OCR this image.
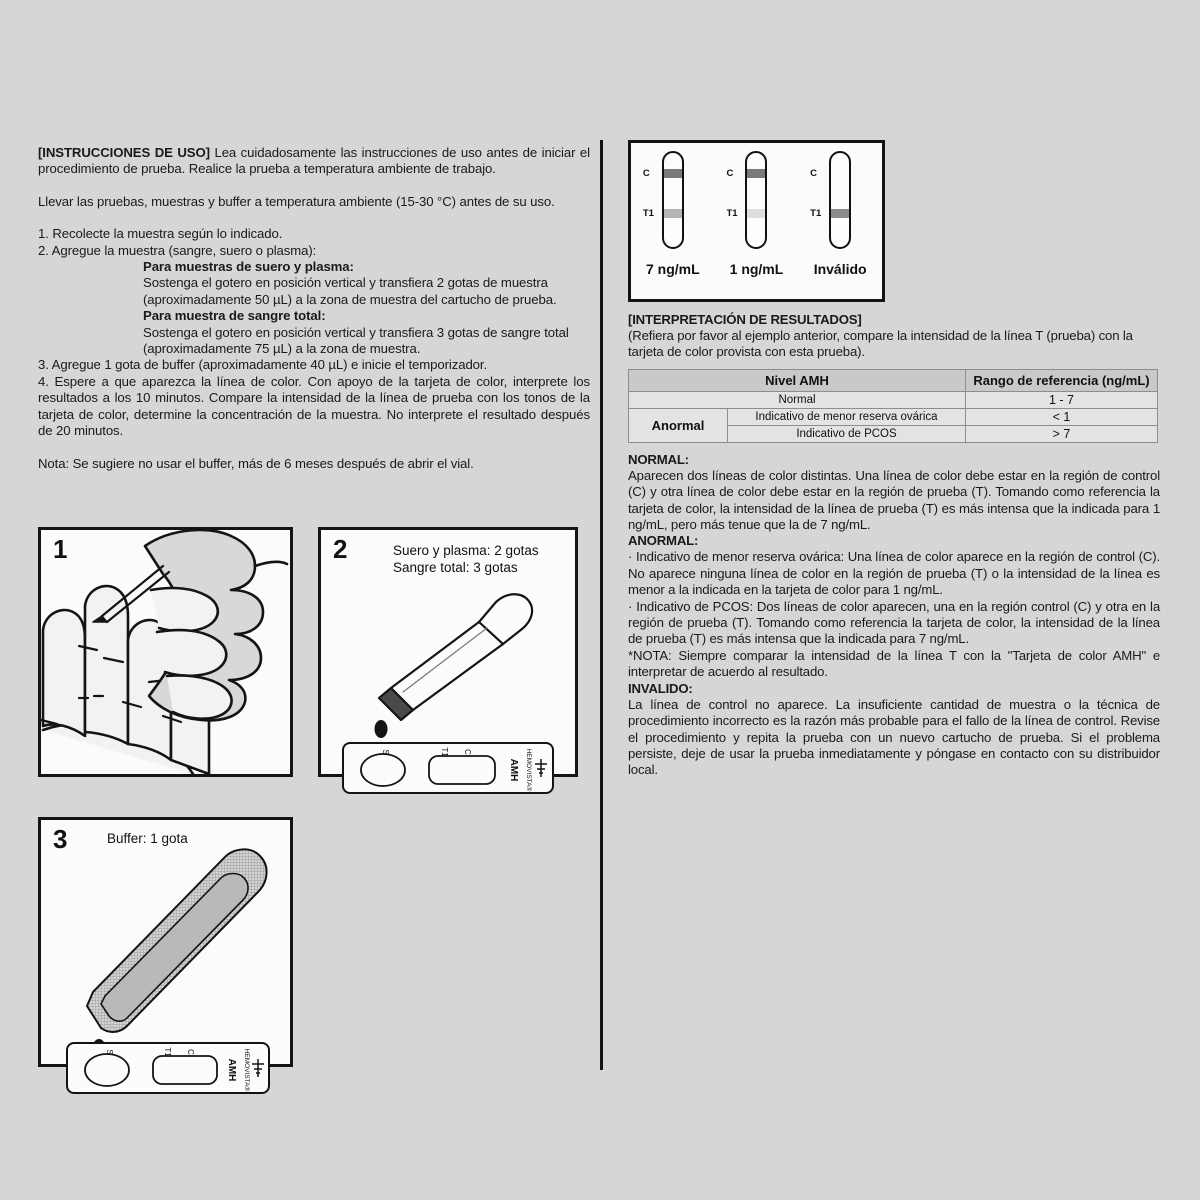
[INSTRUCCIONES DE USO] Lea cuidadosamente las instrucciones de uso antes de iniciar el procedimiento de prueba. Realice la prueba a temperatura ambiente de trabajo.

Llevar las pruebas, muestras y buffer a temperatura ambiente (15-30 °C) antes de su uso.

1. Recolecte la muestra según lo indicado.

2. Agregue la muestra (sangre, suero o plasma):

Para muestras de suero y plasma:

Sostenga el gotero en posición vertical y transfiera 2 gotas de muestra (aproximadamente 50 µL) a la zona de muestra del cartucho de prueba.

Para muestra de sangre total:

Sostenga el gotero en posición vertical y transfiera 3 gotas de sangre total (aproximadamente 75 µL) a la zona de muestra.

3. Agregue 1 gota de buffer (aproximadamente 40 µL) e inicie el temporizador.

4. Espere a que aparezca la línea de color. Con apoyo de la tarjeta de color, interprete los resultados a los 10 minutos. Compare la intensidad de la línea de prueba con los tonos de la tarjeta de color, determine la concentración de la muestra. No interprete el resultado después de 20 minutos.

Nota: Se sugiere no usar el buffer, más de 6 meses después de abrir el vial.

1	2	Suero y plasma: 2 gotas
Sangre total: 3 gotas
S	T1 C
AMH HEMOVISTA®
3	Buffer: 1 gota
S	T1 C
AMH HEMOVISTA®
C
T1
C
T1
C
T1
7 ng/mL	1 ng/mL	Inválido
[INTERPRETACIÓN DE RESULTADOS]
(Refiera por favor al ejemplo anterior, compare la intensidad de la línea T (prueba) con la tarjeta de color provista con esta prueba).
Nivel AMH		Rango de referencia (ng/mL)
Normal		1 - 7
Anormal	Indicativo de menor reserva ovárica	< 1
	Indicativo de PCOS	> 7
NORMAL:
Aparecen dos líneas de color distintas. Una línea de color debe estar en la región de control (C) y otra línea de color debe estar en la región de prueba (T). Tomando como referencia la tarjeta de color, la intensidad de la línea de prueba (T) es más intensa que la indicada para 1 ng/mL, pero más tenue que la de 7 ng/mL.
ANORMAL:
· Indicativo de menor reserva ovárica: Una línea de color aparece en la región de control (C). No aparece ninguna línea de color en la región de prueba (T) o la intensidad de la línea es menor a la indicada en la tarjeta de color para 1 ng/mL.
· Indicativo de PCOS: Dos líneas de color aparecen, una en la región control (C) y otra en la región de prueba (T). Tomando como referencia la tarjeta de color, la intensidad de la línea de prueba (T) es más intensa que la indicada para 7 ng/mL.
*NOTA: Siempre comparar la intensidad de la línea T con la "Tarjeta de color AMH" e interpretar de acuerdo al resultado.
INVALIDO:
La línea de control no aparece. La insuficiente cantidad de muestra o la técnica de procedimiento incorrecto es la razón más probable para el fallo de la línea de control. Revise el procedimiento y repita la prueba con un nuevo cartucho de prueba. Si el problema persiste, deje de usar la prueba inmediatamente y póngase en contacto con su distribuidor local.
